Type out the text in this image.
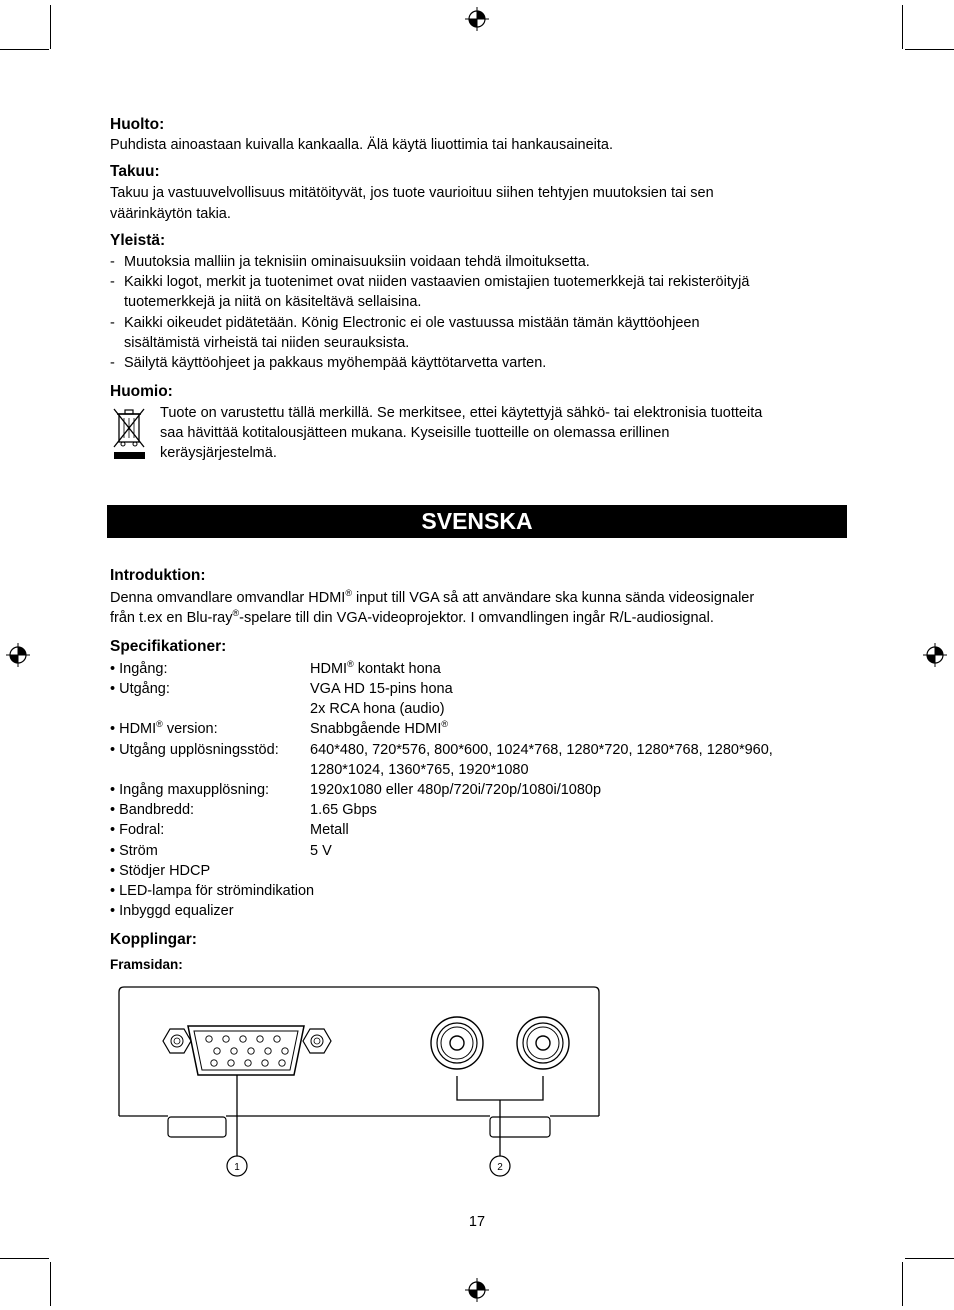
Huolto:
Puhdista ainoastaan kuivalla kankaalla. Älä käytä liuottimia tai hankausaineita.
Takuu:
Takuu ja vastuuvelvollisuus mitätöityvät, jos tuote vaurioituu siihen tehtyjen muutoksien tai sen
väärinkäytön takia.
Yleistä:
- Muutoksia malliin ja teknisiin ominaisuuksiin voidaan tehdä ilmoituksetta.
- Kaikki logot, merkit ja tuotenimet ovat niiden vastaavien omistajien tuotemerkkejä tai rekisteröityjä
tuotemerkkejä ja niitä on käsiteltävä sellaisina.
- Kaikki oikeudet pidätetään. König Electronic ei ole vastuussa mistään tämän käyttöohjeen
sisältämistä virheistä tai niiden seurauksista.
- Säilytä käyttöohjeet ja pakkaus myöhempää käyttötarvetta varten.
Huomio:
Tuote on varustettu tällä merkillä. Se merkitsee, ettei käytettyjä sähkö- tai elektronisia tuotteita
saa hävittää kotitalousjätteen mukana. Kyseisille tuotteille on olemassa erillinen
keräysjärjestelmä.
SVENSKA
Introduktion:
Denna omvandlare omvandlar HDMI® input till VGA så att användare ska kunna sända videosignaler
från t.ex en Blu-ray®-spelare till din VGA-videoprojektor. I omvandlingen ingår R/L-audiosignal.
Specifikationer:
• Ingång:	HDMI® kontakt hona
• Utgång:	VGA HD 15-pins hona
2x RCA hona (audio)
• HDMI® version:	Snabbgående HDMI®
• Utgång upplösningsstöd: 640*480, 720*576, 800*600, 1024*768, 1280*720, 1280*768, 1280*960,
1280*1024, 1360*765, 1920*1080
• Ingång maxupplösning:	1920x1080 eller 480p/720i/720p/1080i/1080p
• Bandbredd:	1.65 Gbps
• Fodral:	Metall
• Ström	5 V
• Stödjer HDCP
• LED-lampa för strömindikation
• Inbyggd equalizer
Kopplingar:
Framsidan:
1	2
17
